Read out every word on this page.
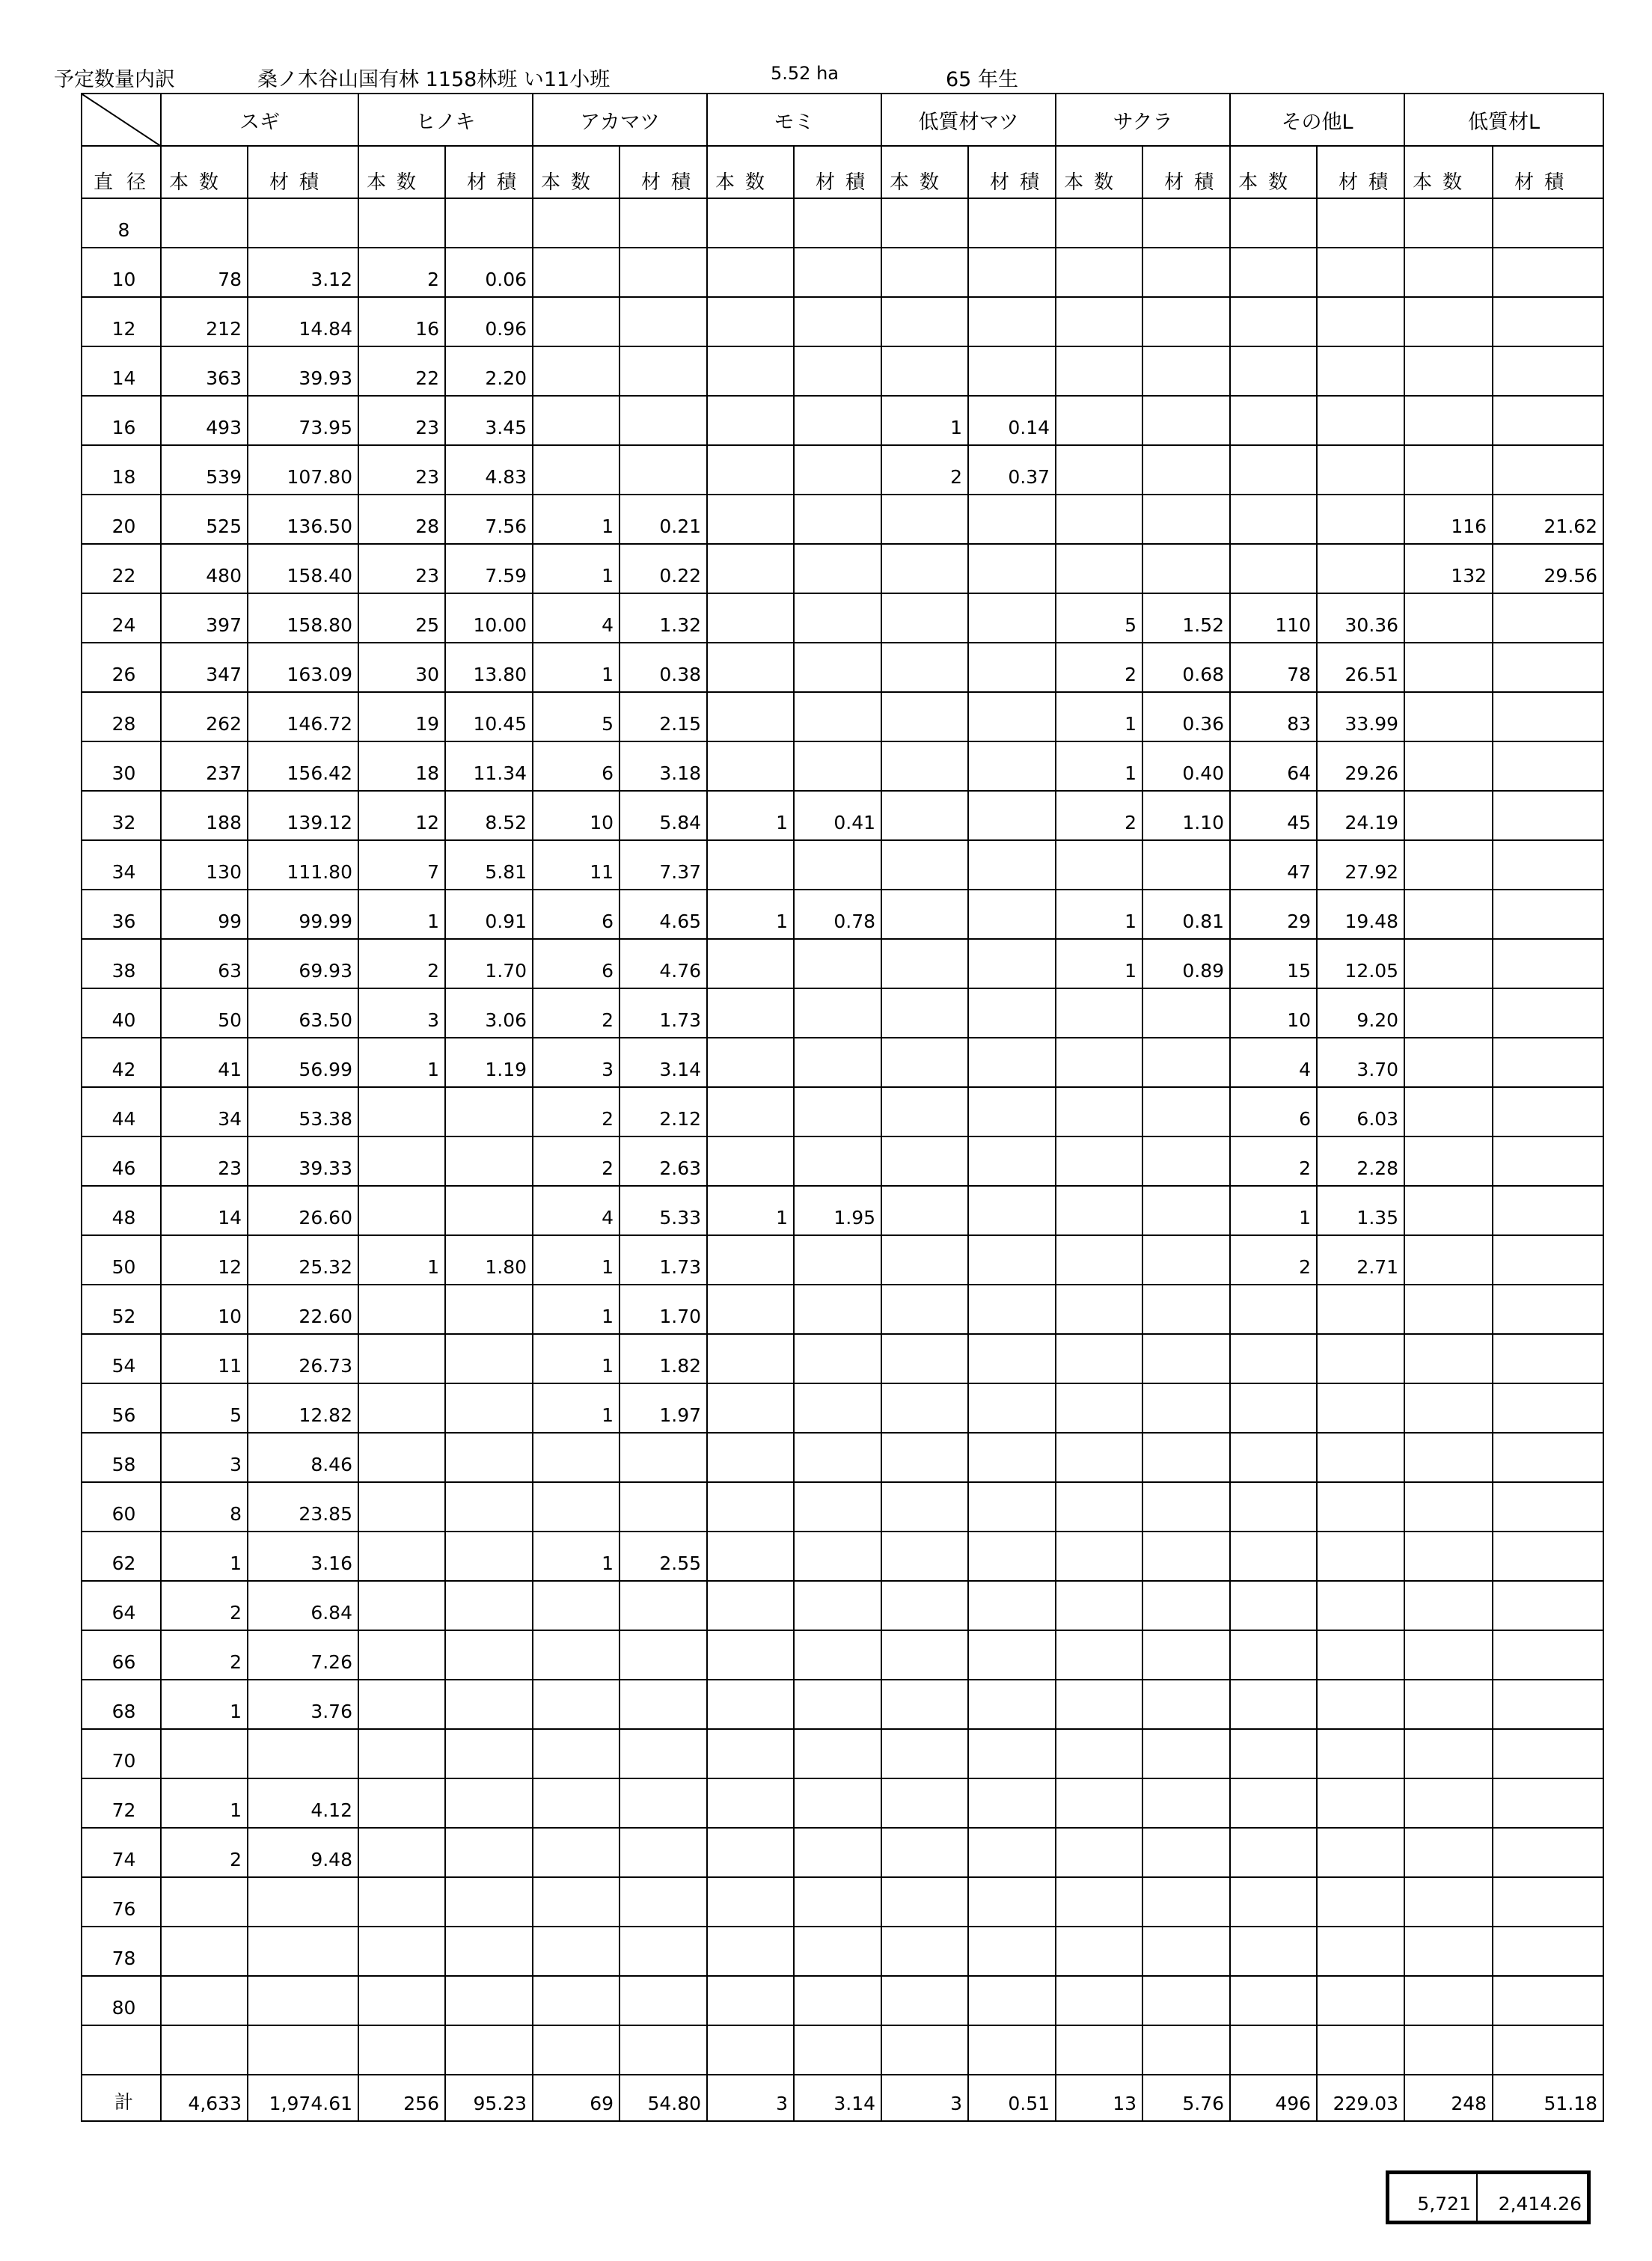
予定数量内訳	桑ノ木谷山国有林 1158林班 い11小班	5.52 ha	65 年生
	スギ		ヒノキ		アカマツ		モミ		低質材マツ		サクラ		その他L		低質材L	
直径	本数	材積	本数	材積	本数	材積	本数	材積	本数	材積	本数	材積	本数	材積	本数	材積
8																
10	78	3.12	2	0.06												
12	212	14.84	16	0.96												
14	363	39.93	22	2.20												
16	493	73.95	23	3.45					1	0.14						
18	539	107.80	23	4.83					2	0.37						
20	525	136.50	28	7.56	1	0.21									116	21.62
22	480	158.40	23	7.59	1	0.22									132	29.56
24	397	158.80	25	10.00	4	1.32					5	1.52	110	30.36		
26	347	163.09	30	13.80	1	0.38					2	0.68	78	26.51		
28	262	146.72	19	10.45	5	2.15					1	0.36	83	33.99		
30	237	156.42	18	11.34	6	3.18					1	0.40	64	29.26		
32	188	139.12	12	8.52	10	5.84	1	0.41			2	1.10	45	24.19		
34	130	111.80	7	5.81	11	7.37							47	27.92		
36	99	99.99	1	0.91	6	4.65	1	0.78			1	0.81	29	19.48		
38	63	69.93	2	1.70	6	4.76					1	0.89	15	12.05		
40	50	63.50	3	3.06	2	1.73							10	9.20		
42	41	56.99	1	1.19	3	3.14							4	3.70		
44	34	53.38			2	2.12							6	6.03		
46	23	39.33			2	2.63							2	2.28		
48	14	26.60			4	5.33	1	1.95					1	1.35		
50	12	25.32	1	1.80	1	1.73							2	2.71		
52	10	22.60			1	1.70										
54	11	26.73			1	1.82										
56	5	12.82			1	1.97										
58	3	8.46														
60	8	23.85														
62	1	3.16			1	2.55										
64	2	6.84														
66	2	7.26														
68	1	3.76														
70																
72	1	4.12														
74	2	9.48														
76																
78																
80																

計	4,633	1,974.61	256	95.23	69	54.80	3	3.14	3	0.51	13	5.76	496	229.03	248	51.18
5,721	2,414.26
